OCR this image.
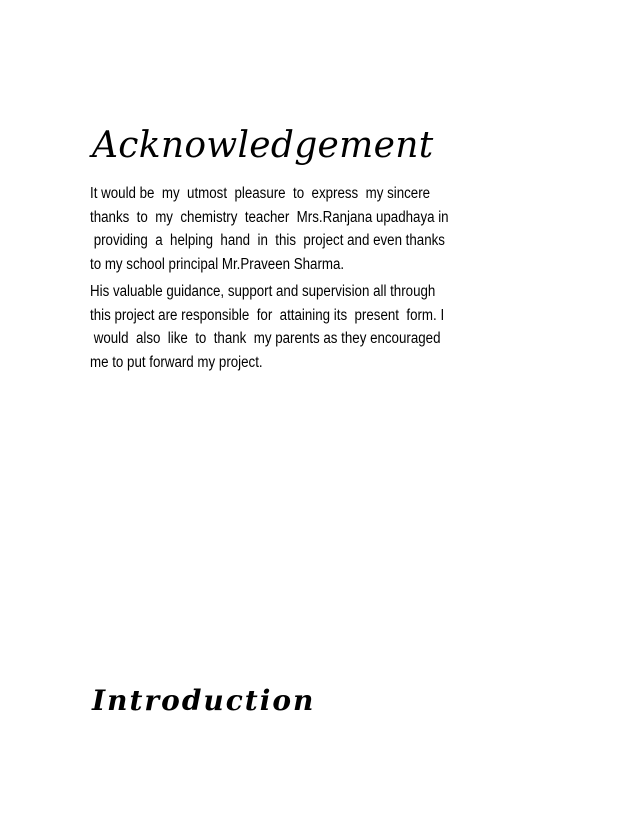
Acknowledgement

It would be  my  utmost  pleasure  to  express  my sincere
thanks  to  my  chemistry  teacher  Mrs.Ranjana upadhaya in
providing  a  helping  hand  in  this  project and even thanks
to my school principal Mr.Praveen Sharma.

His valuable guidance, support and supervision all through
this project are responsible  for  attaining its  present  form. I
would  also  like  to  thank  my parents as they encouraged
me to put forward my project.

Introduction
